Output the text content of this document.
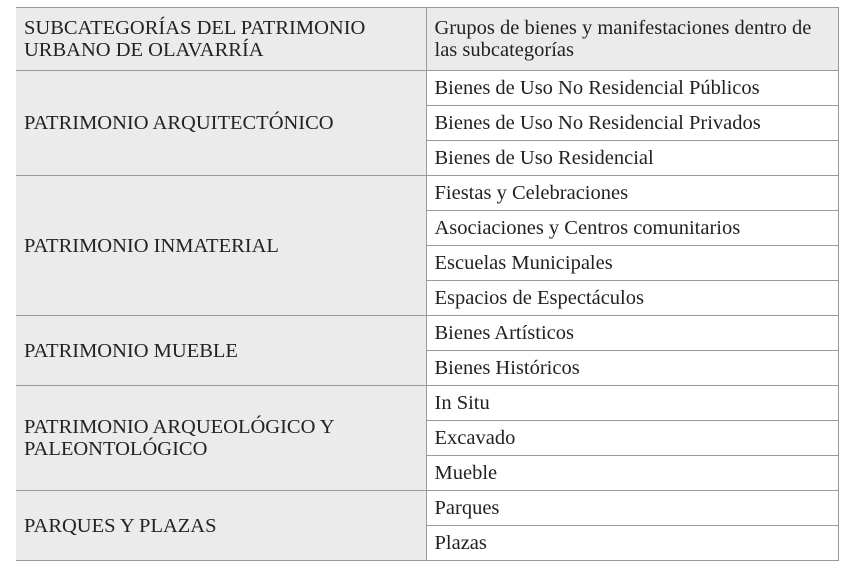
SUBCATEGORÍAS DEL PATRIMONIO URBANO DE OLAVARRÍA	Grupos de bienes y manifestaciones dentro de las subcategorías
PATRIMONIO ARQUITECTÓNICO	Bienes de Uso No Residencial Públicos
	Bienes de Uso No Residencial Privados
	Bienes de Uso Residencial
PATRIMONIO INMATERIAL	Fiestas y Celebraciones
	Asociaciones y Centros comunitarios
	Escuelas Municipales
	Espacios de Espectáculos
PATRIMONIO MUEBLE	Bienes Artísticos
	Bienes Históricos
PATRIMONIO ARQUEOLÓGICO Y PALEONTOLÓGICO	In Situ
	Excavado
	Mueble
PARQUES Y PLAZAS	Parques
	Plazas
